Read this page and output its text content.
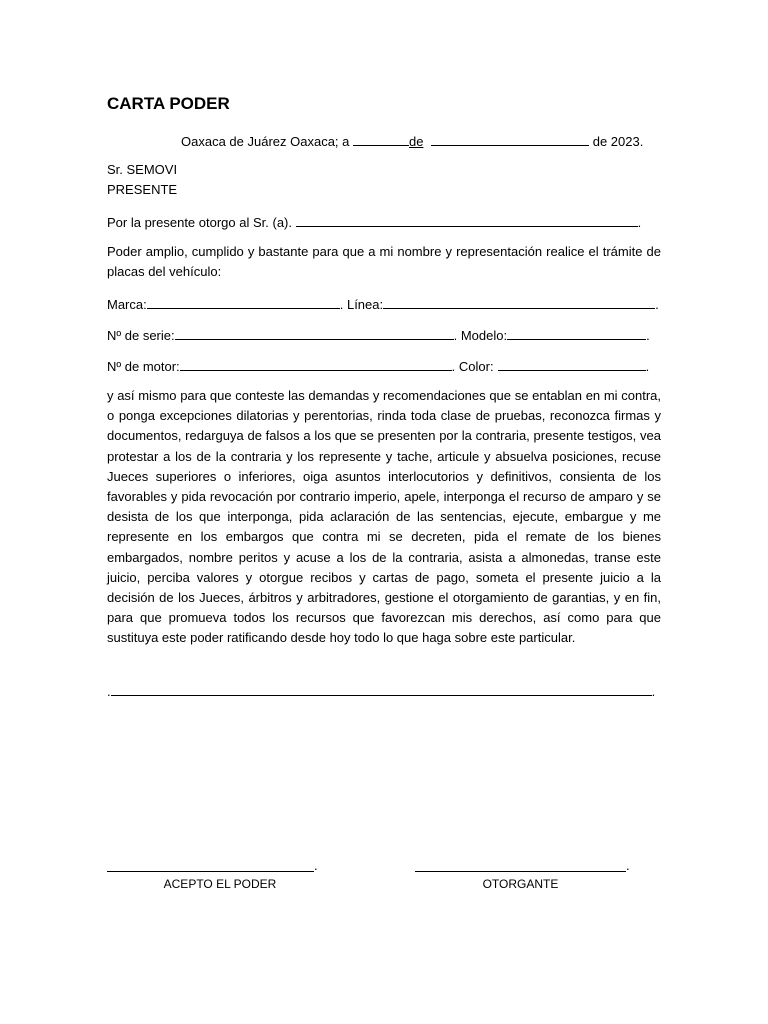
CARTA PODER
Oaxaca de Juárez Oaxaca; a	de	de 2023.
Sr. SEMOVI
PRESENTE
Por la presente otorgo al Sr. (a).	.
Poder amplio, cumplido y bastante para que a mi nombre y representación realice el trámite de placas del vehículo:
Marca:	. Línea:	.
Nº de serie:	. Modelo:	.
Nº de motor:	. Color:	.
y así mismo para que conteste las demandas y recomendaciones que se entablan en mi contra, o ponga excepciones dilatorias y perentorias, rinda toda clase de pruebas, reconozca firmas y documentos, redarguya de falsos a los que se presenten por la contraria, presente testigos, vea protestar a los de la contraria y los represente y tache, articule y absuelva posiciones, recuse Jueces superiores o inferiores, oiga asuntos interlocutorios y definitivos, consienta de los favorables y pida revocación por contrario imperio, apele, interponga el recurso de amparo y se desista de los que interponga, pida aclaración de las sentencias, ejecute, embargue y me represente en los embargos que contra mi se decreten, pida el remate de los bienes embargados, nombre peritos y acuse a los de la contraria, asista a almonedas, transe este juicio, perciba valores y otorgue recibos y cartas de pago, someta el presente juicio a la decisión de los Jueces, árbitros y arbitradores, gestione el otorgamiento de garantias, y en fin, para que promueva todos los recursos que favorezcan mis derechos, así como para que sustituya este poder ratificando desde hoy todo lo que haga sobre este particular.
.	.
.
ACEPTO EL PODER
.
OTORGANTE
